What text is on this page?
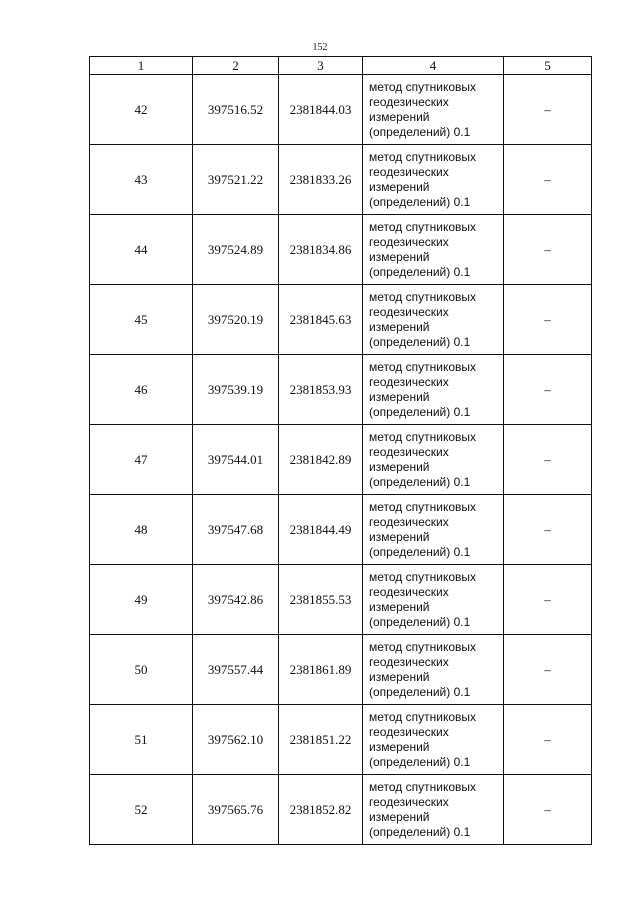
152
1	2	3	4	5
42	397516.52	2381844.03	метод спутниковых
геодезических
измерений
(определений) 0.1	–
43	397521.22	2381833.26	метод спутниковых
геодезических
измерений
(определений) 0.1	–
44	397524.89	2381834.86	метод спутниковых
геодезических
измерений
(определений) 0.1	–
45	397520.19	2381845.63	метод спутниковых
геодезических
измерений
(определений) 0.1	–
46	397539.19	2381853.93	метод спутниковых
геодезических
измерений
(определений) 0.1	–
47	397544.01	2381842.89	метод спутниковых
геодезических
измерений
(определений) 0.1	–
48	397547.68	2381844.49	метод спутниковых
геодезических
измерений
(определений) 0.1	–
49	397542.86	2381855.53	метод спутниковых
геодезических
измерений
(определений) 0.1	–
50	397557.44	2381861.89	метод спутниковых
геодезических
измерений
(определений) 0.1	–
51	397562.10	2381851.22	метод спутниковых
геодезических
измерений
(определений) 0.1	–
52	397565.76	2381852.82	метод спутниковых
геодезических
измерений
(определений) 0.1	–
